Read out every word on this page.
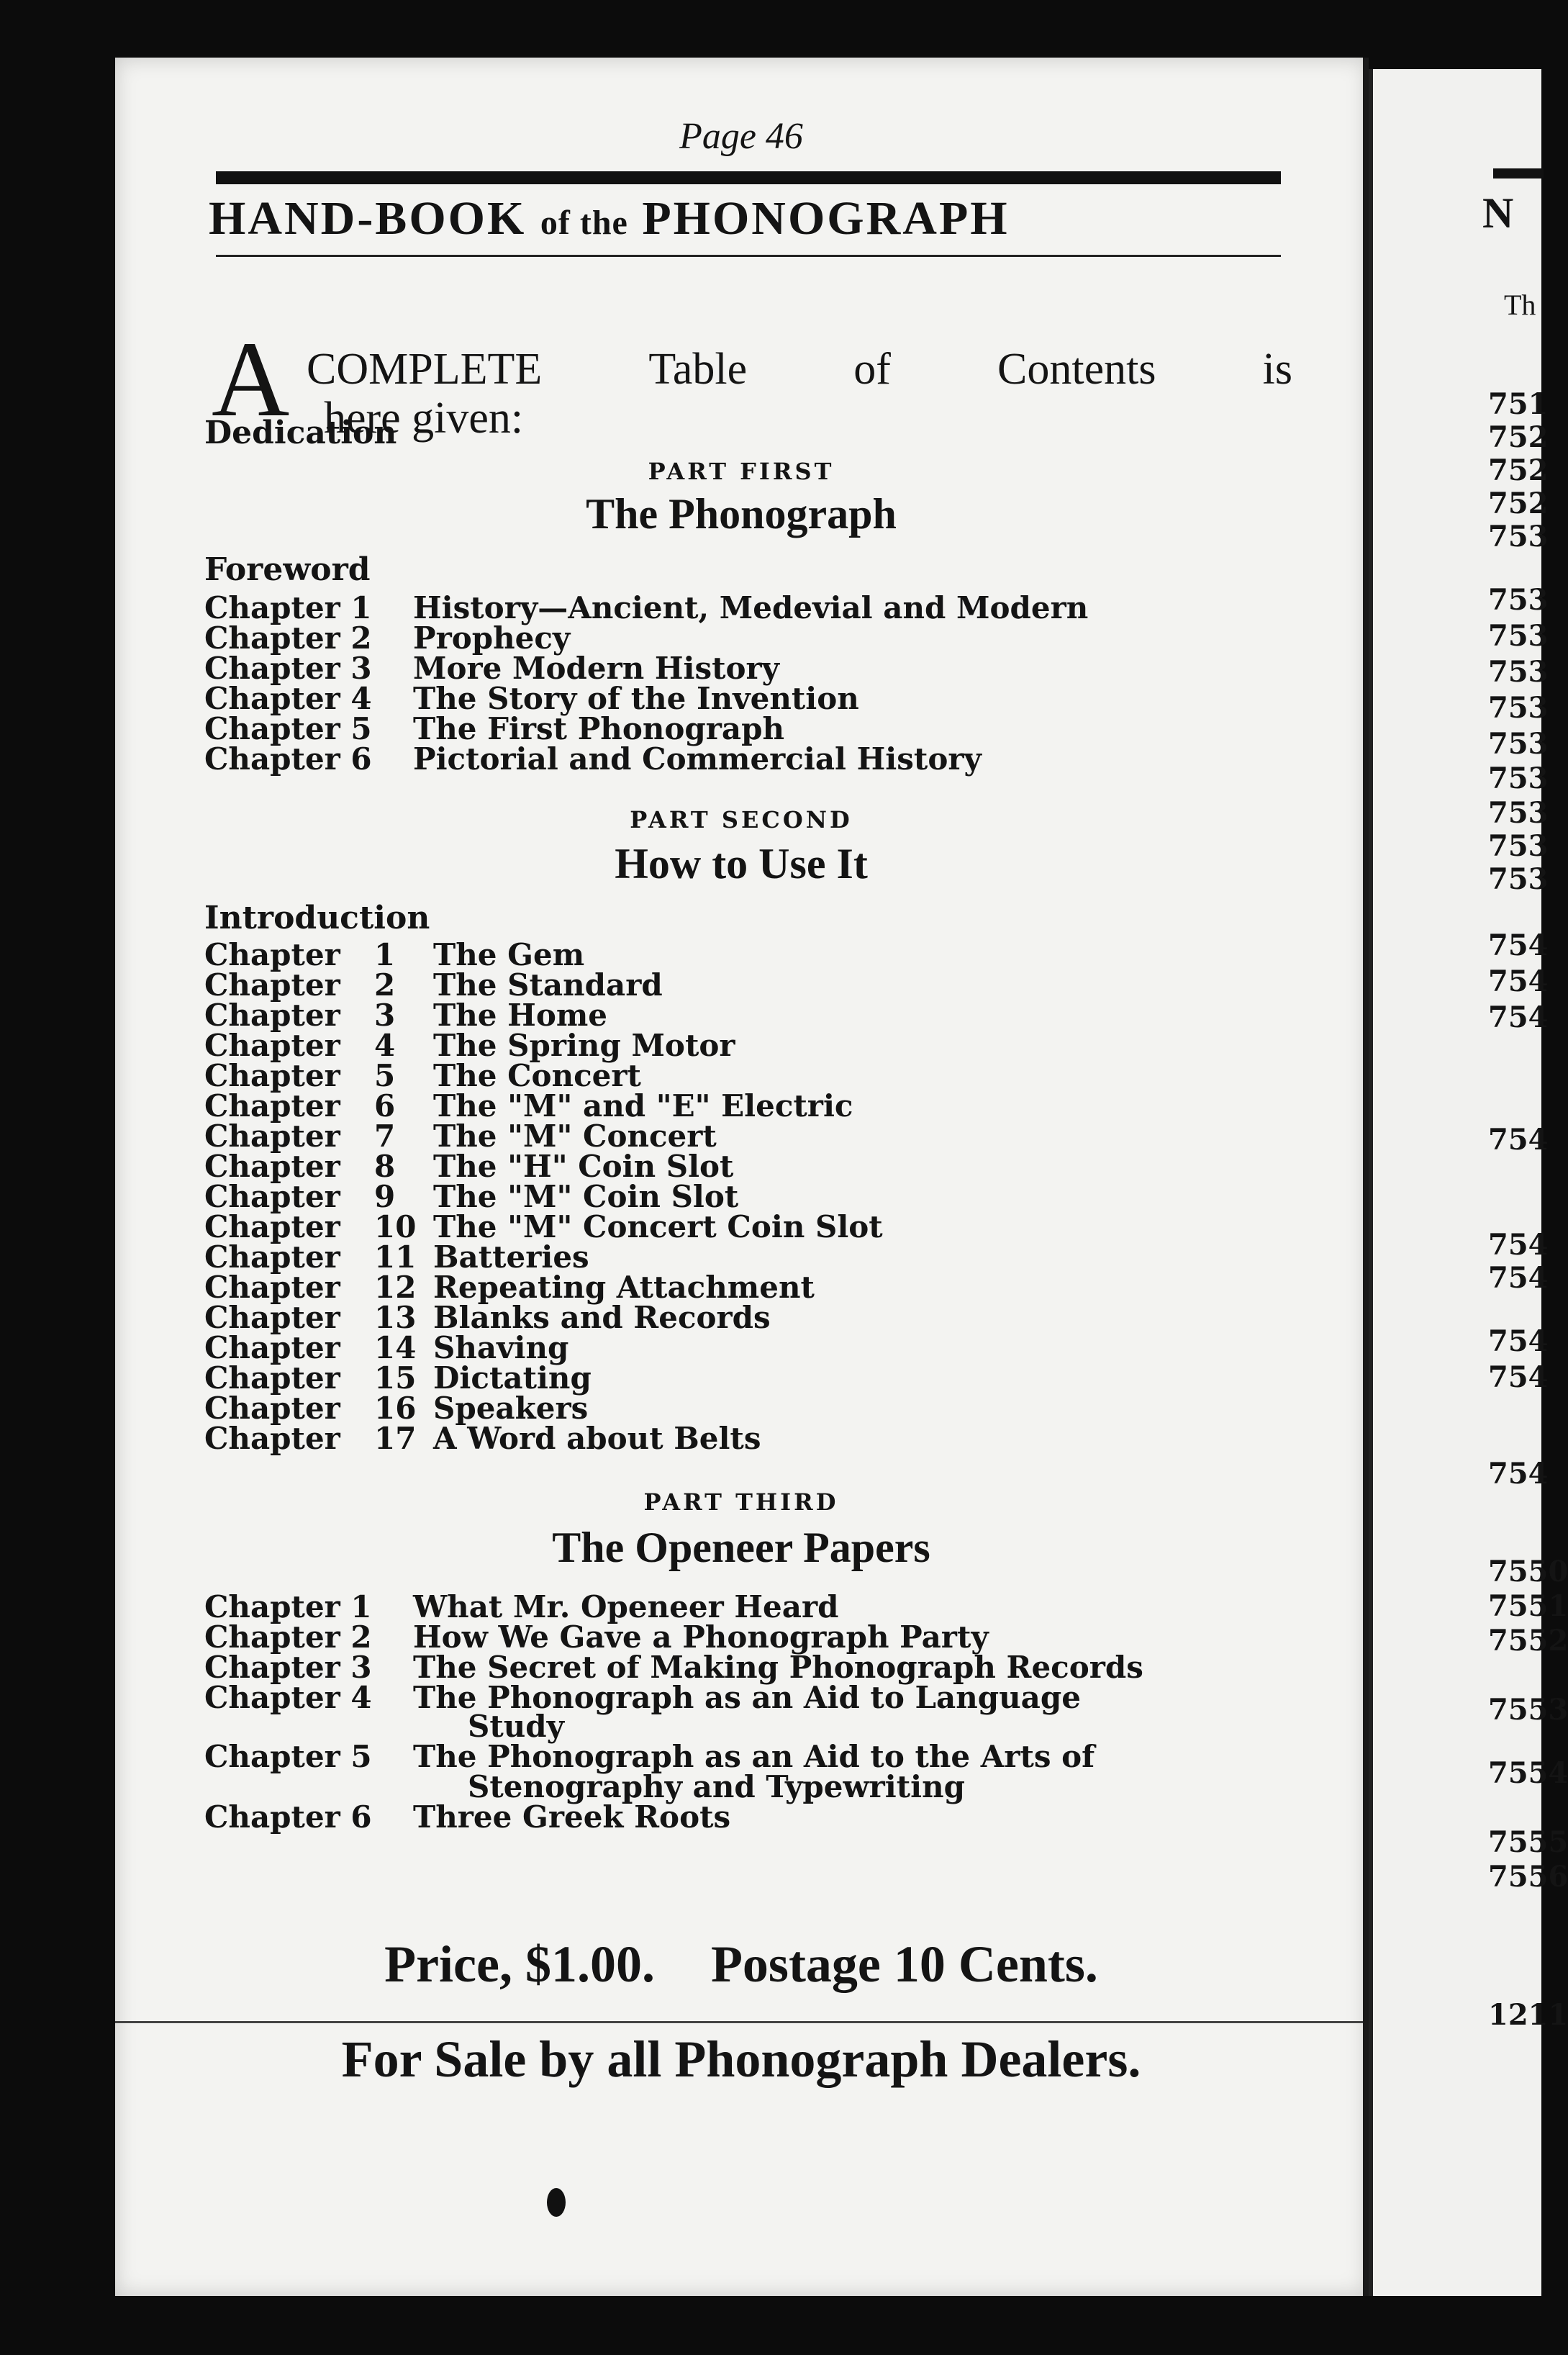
Page 46
HAND-BOOK of the PHONOGRAPH
A COMPLETE Table of Contents is
here given:
Dedication
PART FIRST
The Phonograph
Foreword
Chapter 1 History—Ancient, Medevial and Modern
Chapter 2 Prophecy
Chapter 3 More Modern History
Chapter 4 The Story of the Invention
Chapter 5 The First Phonograph
Chapter 6 Pictorial and Commercial History
PART SECOND
How to Use It
Introduction
Chapter 1 The Gem
Chapter 2 The Standard
Chapter 3 The Home
Chapter 4 The Spring Motor
Chapter 5 The Concert
Chapter 6 The "M" and "E" Electric
Chapter 7 The "M" Concert
Chapter 8 The "H" Coin Slot
Chapter 9 The "M" Coin Slot
Chapter 10 The "M" Concert Coin Slot
Chapter 11 Batteries
Chapter 12 Repeating Attachment
Chapter 13 Blanks and Records
Chapter 14 Shaving
Chapter 15 Dictating
Chapter 16 Speakers
Chapter 17 A Word about Belts
PART THIRD
The Openeer Papers
Chapter 1 What Mr. Openeer Heard
Chapter 2 How We Gave a Phonograph Party
Chapter 3 The Secret of Making Phonograph Records
Chapter 4 The Phonograph as an Aid to Language
Study
Chapter 5 The Phonograph as an Aid to the Arts of
Stenography and Typewriting
Chapter 6 Three Greek Roots
Price, $1.00. Postage 10 Cents.
For Sale by all Phonograph Dealers.
N
Th
751
752
752
752
753
753
753
753
753
753
753
753
753
753
754
754
754
754
754
754
754
754
754
7550
7551
7552
7553
7554
7555
7556
1211
